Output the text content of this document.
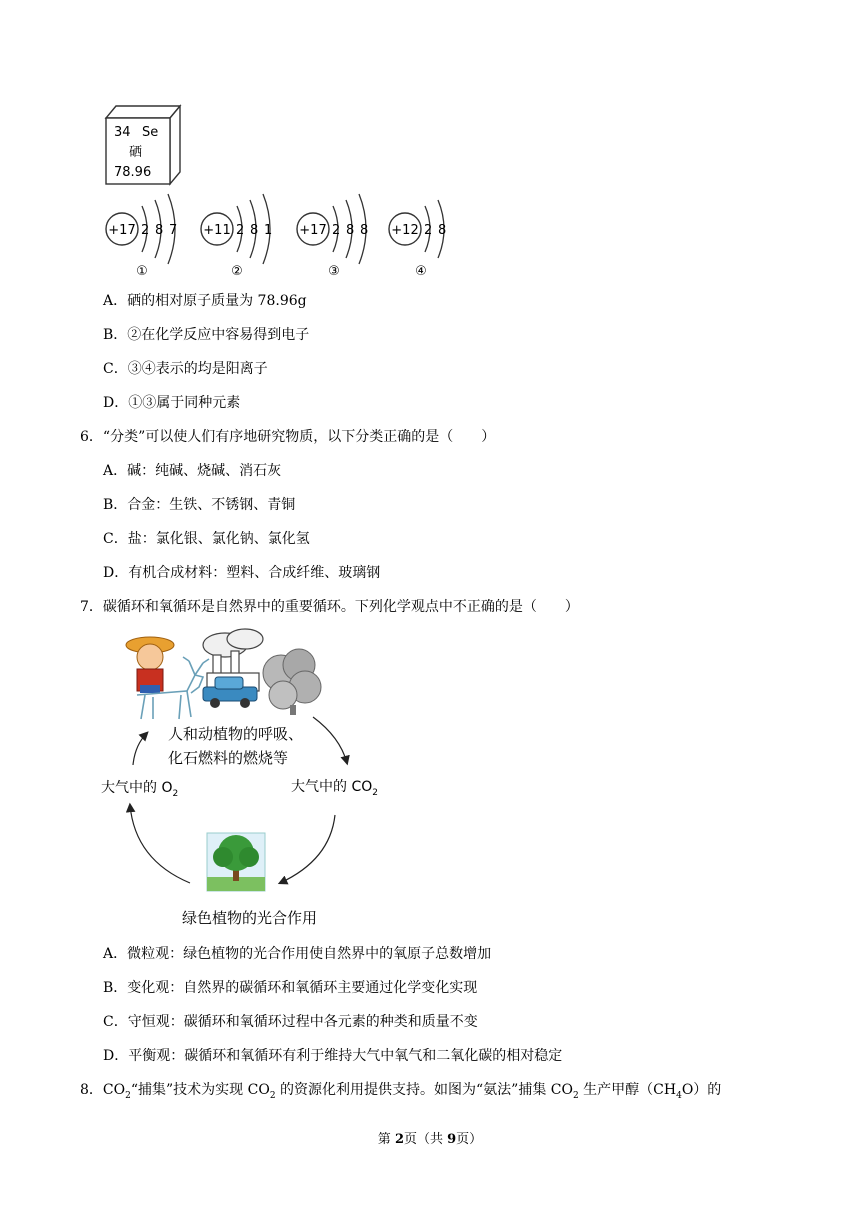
34 Se
硒
78.96
+17 2 8 7
①
+11 2 8 1
②
+17 2 8 8
③
+12 2 8
④
A．硒的相对原子质量为 78.96g
B．②在化学反应中容易得到电子
C．③④表示的均是阳离子
D．①③属于同种元素
6．“分类”可以使人们有序地研究物质，以下分类正确的是（　　）
A．碱：纯碱、烧碱、消石灰
B．合金：生铁、不锈钢、青铜
C．盐：氯化银、氯化钠、氯化氢
D．有机合成材料：塑料、合成纤维、玻璃钢
7．碳循环和氧循环是自然界中的重要循环。下列化学观点中不正确的是（　　）
人和动植物的呼吸、
化石燃料的燃烧等
大气中的 $O_2$	大气中的 $CO_2$
绿色植物的光合作用
A．微粒观：绿色植物的光合作用使自然界中的氧原子总数增加
B．变化观：自然界的碳循环和氧循环主要通过化学变化实现
C．守恒观：碳循环和氧循环过程中各元素的种类和质量不变
D．平衡观：碳循环和氧循环有利于维持大气中氧气和二氧化碳的相对稳定
8．$CO_2“$捕集”技术为实现 $CO_2$ 的资源化利用提供支持。如图为“氨法”捕集 $CO_2$ 生产甲醇$(CH_4O)$的
第 2页（共 9页）
